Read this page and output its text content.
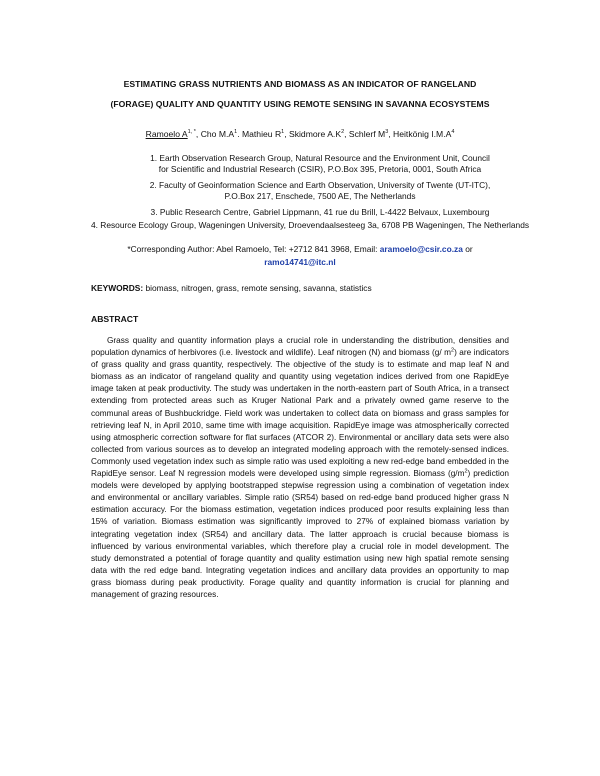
ESTIMATING GRASS NUTRIENTS AND BIOMASS AS AN INDICATOR OF RANGELAND
(FORAGE) QUALITY AND QUANTITY USING REMOTE SENSING IN SAVANNA ECOSYSTEMS
Ramoelo $A^{1, *}$, Cho $M.A^1$. Mathieu $R^1$, Skidmore $A.K^2$, Schlerf $M^3$, Heitkönig $I.M.A^4$
1. Earth Observation Research Group, Natural Resource and the Environment Unit, Council for Scientific and Industrial Research (CSIR), P.O.Box 395, Pretoria, 0001, South Africa
2. Faculty of Geoinformation Science and Earth Observation, University of Twente (UT-ITC), P.O.Box 217, Enschede, 7500 AE, The Netherlands
3. Public Research Centre, Gabriel Lippmann, 41 rue du Brill, L-4422 Belvaux, Luxembourg
4. Resource Ecology Group, Wageningen University, Droevendaalsesteeg 3a, 6708 PB Wageningen, The Netherlands
*Corresponding Author: Abel Ramoelo, Tel: +2712 841 3968, Email: aramoelo@csir.co.za or
ramo14741@itc.nl
KEYWORDS: biomass, nitrogen, grass, remote sensing, savanna, statistics
ABSTRACT

Grass quality and quantity information plays a crucial role in understanding the distribution, densities and population dynamics of herbivores (i.e. livestock and wildlife). Leaf nitrogen (N) and biomass (g/ $m^2$) are indicators of grass quality and grass quantity, respectively. The objective of the study is to estimate and map leaf N and biomass as an indicator of rangeland quality and quantity using vegetation indices derived from one RapidEye image taken at peak productivity. The study was undertaken in the north-eastern part of South Africa, in a transect extending from protected areas such as Kruger National Park and a privately owned game reserve to the communal areas of Bushbuckridge. Field work was undertaken to collect data on biomass and grass samples for retrieving leaf N, in April 2010, same time with image acquisition. RapidEye image was atmospherically corrected using atmospheric correction software for flat surfaces (ATCOR 2). Environmental or ancillary data sets were also collected from various sources as to develop an integrated modeling approach with the remotely-sensed indices. Commonly used vegetation index such as simple ratio was used exploiting a new red-edge band embedded in the RapidEye sensor. Leaf N regression models were developed using simple regression. Biomass $(g/m^2)$ prediction models were developed by applying bootstrapped stepwise regression using a combination of vegetation index and environmental or ancillary variables. Simple ratio (SR54) based on red-edge band produced higher grass N estimation accuracy. For the biomass estimation, vegetation indices produced poor results explaining less than 15% of variation. Biomass estimation was significantly improved to 27% of explained biomass variation by integrating vegetation index (SR54) and ancillary data. The latter approach is crucial because biomass is influenced by various environmental variables, which therefore play a crucial role in model development. The study demonstrated a potential of forage quantity and quality estimation using new high spatial remote sensing data with the red edge band. Integrating vegetation indices and ancillary data provides an opportunity to map grass biomass during peak productivity. Forage quality and quantity information is crucial for planning and management of grazing resources.
